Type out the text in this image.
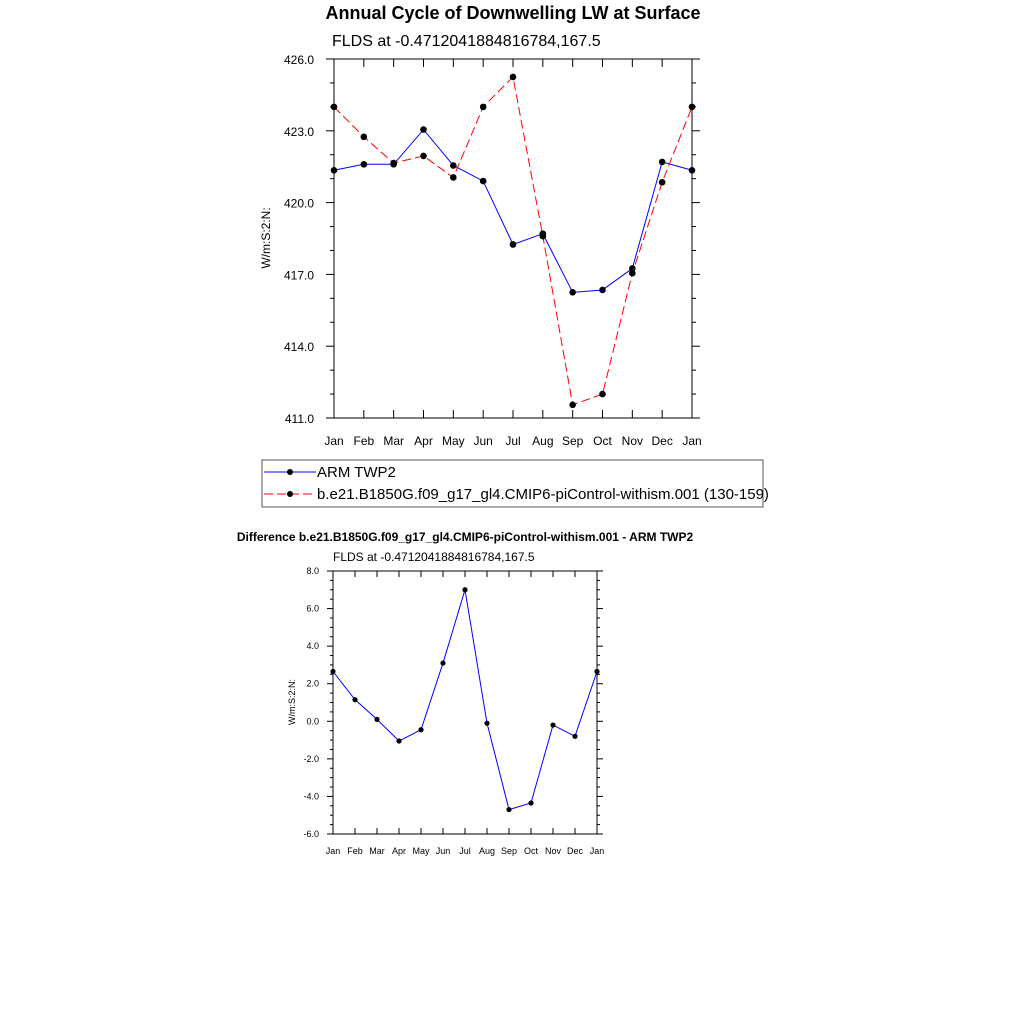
Annual Cycle of Downwelling LW at Surface
FLDS at -0.4712041884816784,167.5
Jan Feb Mar Apr May Jun Jul Aug Sep Oct Nov Dec Jan
411.0
414.0
417.0
420.0
423.0
426.0
W/m:S:2:N:
ARM TWP2
b.e21.B1850G.f09_g17_gl4.CMIP6-piControl-withism.001 (130-159)
Difference b.e21.B1850G.f09_g17_gl4.CMIP6-piControl-withism.001 - ARM TWP2
FLDS at -0.4712041884816784,167.5
Jan Feb Mar Apr May Jun Jul Aug Sep Oct Nov Dec Jan
-6.0
-4.0
-2.0
0.0
2.0
4.0
6.0
8.0
W/m:S:2:N:
